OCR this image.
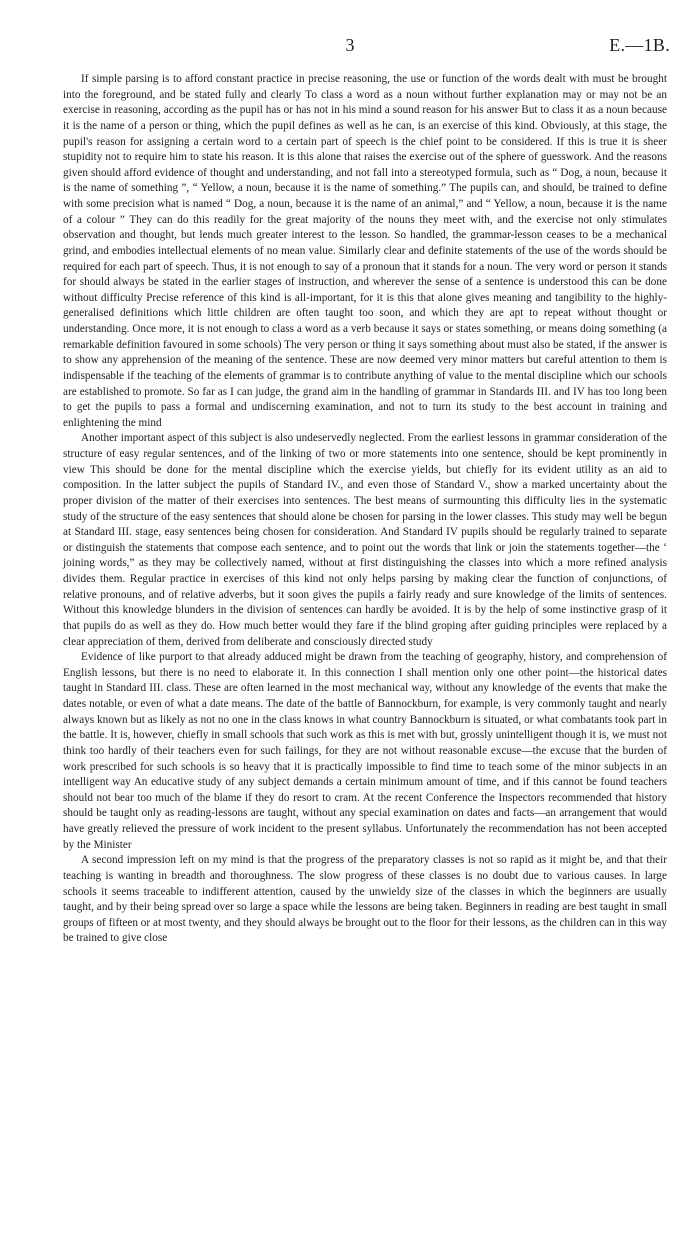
3	E.—1B.

If simple parsing is to afford constant practice in precise reasoning, the use or function of the words dealt with must be brought into the foreground, and be stated fully and clearly To class a word as a noun without further explanation may or may not be an exercise in reasoning, according as the pupil has or has not in his mind a sound reason for his answer But to class it as a noun because it is the name of a person or thing, which the pupil defines as well as he can, is an exercise of this kind. Obviously, at this stage, the pupil's reason for assigning a certain word to a certain part of speech is the chief point to be considered. If this is true it is sheer stupidity not to require him to state his reason. It is this alone that raises the exercise out of the sphere of guesswork. And the reasons given should afford evidence of thought and understanding, and not fall into a stereotyped formula, such as “ Dog, a noun, because it is the name of something ”, “ Yellow, a noun, because it is the name of something.” The pupils can, and should, be trained to define with some precision what is named “ Dog, a noun, because it is the name of an animal,” and “ Yellow, a noun, because it is the name of a colour ” They can do this readily for the great majority of the nouns they meet with, and the exercise not only stimulates observation and thought, but lends much greater interest to the lesson. So handled, the grammar-lesson ceases to be a mechanical grind, and embodies intellectual elements of no mean value. Similarly clear and definite statements of the use of the words should be required for each part of speech. Thus, it is not enough to say of a pronoun that it stands for a noun. The very word or person it stands for should always be stated in the earlier stages of instruction, and wherever the sense of a sentence is understood this can be done without difficulty Precise reference of this kind is all-important, for it is this that alone gives meaning and tangibility to the highly-generalised definitions which little children are often taught too soon, and which they are apt to repeat without thought or understanding. Once more, it is not enough to class a word as a verb because it says or states something, or means doing something (a remarkable definition favoured in some schools) The very person or thing it says something about must also be stated, if the answer is to show any apprehension of the meaning of the sentence. These are now deemed very minor matters but careful attention to them is indispensable if the teaching of the elements of grammar is to contribute anything of value to the mental discipline which our schools are established to promote. So far as I can judge, the grand aim in the handling of grammar in Standards III. and IV has too long been to get the pupils to pass a formal and undiscerning examination, and not to turn its study to the best account in training and enlightening the mind

Another important aspect of this subject is also undeservedly neglected. From the earliest lessons in grammar consideration of the structure of easy regular sentences, and of the linking of two or more statements into one sentence, should be kept prominently in view This should be done for the mental discipline which the exercise yields, but chiefly for its evident utility as an aid to composition. In the latter subject the pupils of Standard IV., and even those of Standard V., show a marked uncertainty about the proper division of the matter of their exercises into sentences. The best means of surmounting this difficulty lies in the systematic study of the structure of the easy sentences that should alone be chosen for parsing in the lower classes. This study may well be begun at Standard III. stage, easy sentences being chosen for consideration. And Standard IV pupils should be regularly trained to separate or distinguish the statements that compose each sentence, and to point out the words that link or join the statements together—the ‘ joining words,” as they may be collectively named, without at first distinguishing the classes into which a more refined analysis divides them. Regular practice in exercises of this kind not only helps parsing by making clear the function of conjunctions, of relative pronouns, and of relative adverbs, but it soon gives the pupils a fairly ready and sure knowledge of the limits of sentences. Without this knowledge blunders in the division of sentences can hardly be avoided. It is by the help of some instinctive grasp of it that pupils do as well as they do. How much better would they fare if the blind groping after guiding principles were replaced by a clear appreciation of them, derived from deliberate and consciously directed study

Evidence of like purport to that already adduced might be drawn from the teaching of geography, history, and comprehension of English lessons, but there is no need to elaborate it. In this connection I shall mention only one other point—the historical dates taught in Standard III. class. These are often learned in the most mechanical way, without any knowledge of the events that make the dates notable, or even of what a date means. The date of the battle of Bannockburn, for example, is very commonly taught and nearly always known but as likely as not no one in the class knows in what country Bannockburn is situated, or what combatants took part in the battle. It is, however, chiefly in small schools that such work as this is met with but, grossly unintelligent though it is, we must not think too hardly of their teachers even for such failings, for they are not without reasonable excuse—the excuse that the burden of work prescribed for such schools is so heavy that it is practically impossible to find time to teach some of the minor subjects in an intelligent way An educative study of any subject demands a certain minimum amount of time, and if this cannot be found teachers should not bear too much of the blame if they do resort to cram. At the recent Conference the Inspectors recommended that history should be taught only as reading-lessons are taught, without any special examination on dates and facts—an arrangement that would have greatly relieved the pressure of work incident to the present syllabus. Unfortunately the recommendation has not been accepted by the Minister

A second impression left on my mind is that the progress of the preparatory classes is not so rapid as it might be, and that their teaching is wanting in breadth and thoroughness. The slow progress of these classes is no doubt due to various causes. In large schools it seems traceable to indifferent attention, caused by the unwieldy size of the classes in which the beginners are usually taught, and by their being spread over so large a space while the lessons are being taken. Beginners in reading are best taught in small groups of fifteen or at most twenty, and they should always be brought out to the floor for their lessons, as the children can in this way be trained to give close
